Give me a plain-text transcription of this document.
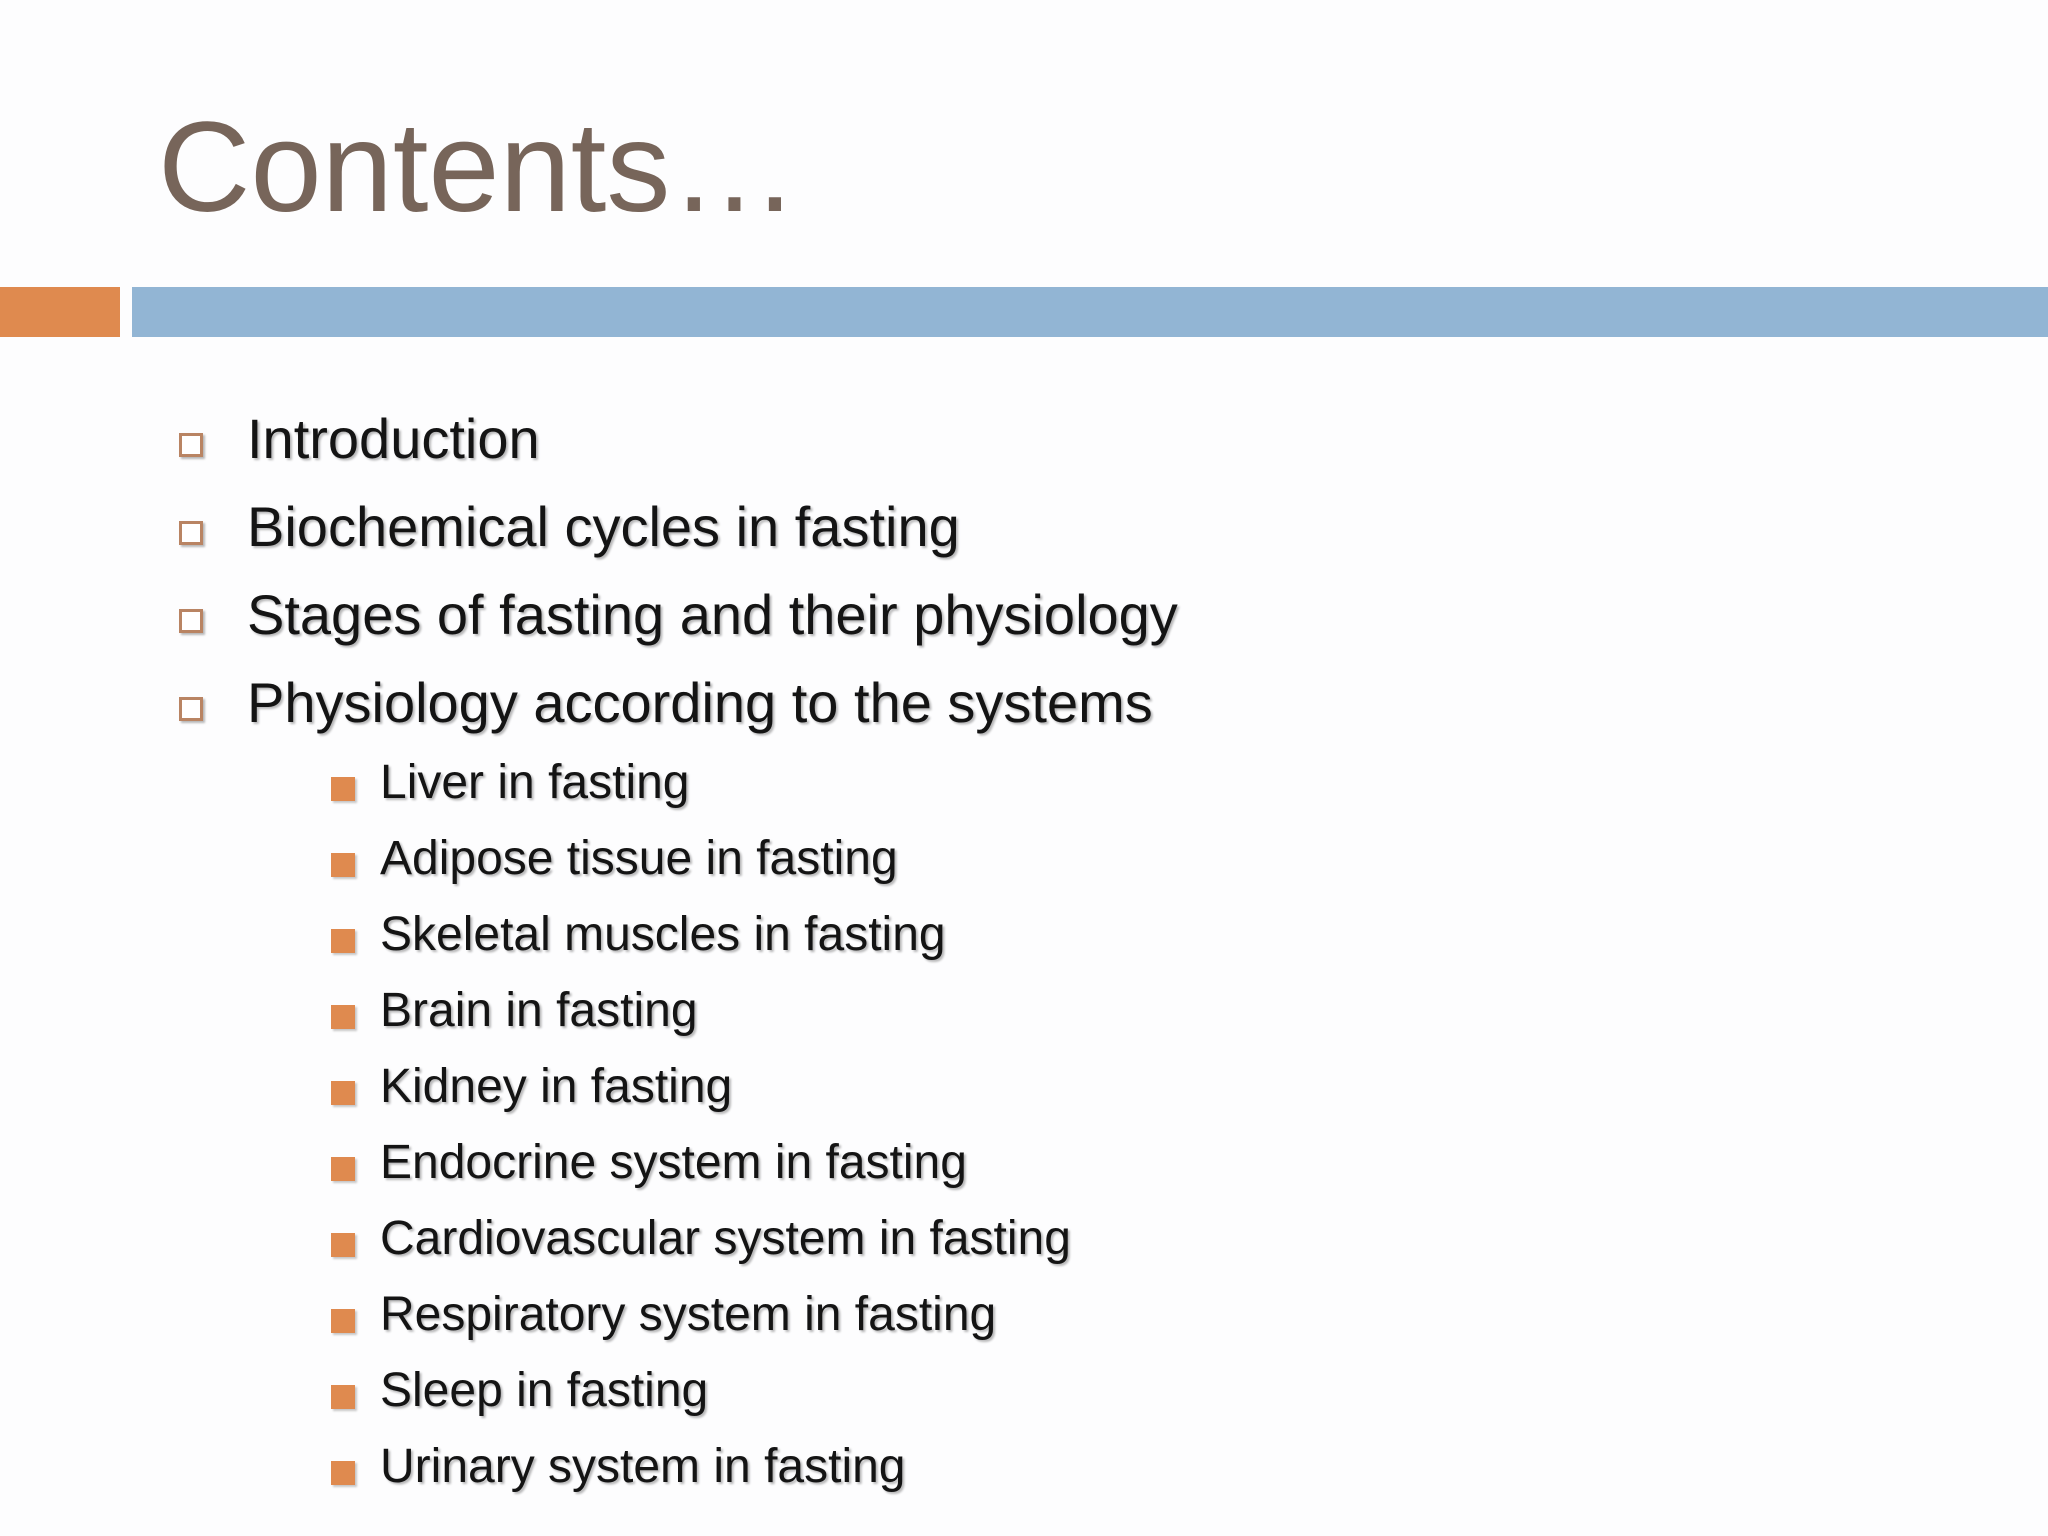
Contents…
Introduction
Biochemical cycles in fasting
Stages of fasting and their physiology
Physiology according to the systems
Liver in fasting
Adipose tissue in fasting
Skeletal muscles in fasting
Brain in fasting
Kidney in fasting
Endocrine system in fasting
Cardiovascular system in fasting
Respiratory system in fasting
Sleep in fasting
Urinary system in fasting
